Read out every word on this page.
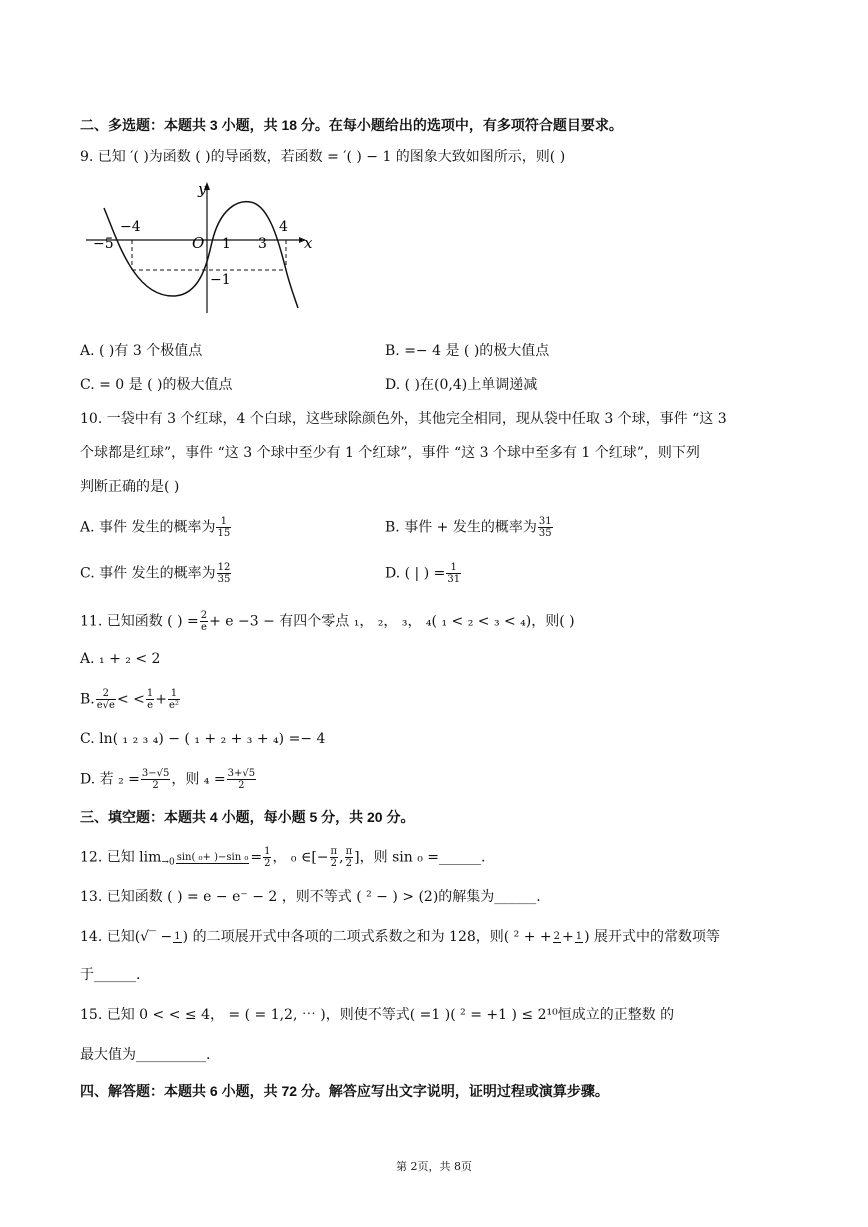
二、多选题：本题共 3 小题，共 18 分。在每小题给出的选项中，有多项符合题目要求。
9. 已知 ′( )为函数 ( )的导函数，若函数 = ′( ) − 1 的图象大致如图所示，则( )
y
x
O
−5
−4
1 3
4
−1
A. ( )有 3 个极值点	B. =− 4 是 ( )的极大值点
C. = 0 是 ( )的极大值点	D. ( )在(0,4)上单调递减
10. 一袋中有 3 个红球，4 个白球，这些球除颜色外，其他完全相同，现从袋中任取 3 个球，事件 “这 3
个球都是红球”，事件 “这 3 个球中至少有 1 个红球”，事件 “这 3 个球中至多有 1 个红球”，则下列
判断正确的是( )
A. 事件 发生的概率为 $\frac{1}{15}$	B. 事件 + 发生的概率为 $\frac{31}{35}$
C. 事件 发生的概率为 $\frac{12}{35}$	D. ( | ) = $\frac{1}{31}$
11. 已知函数 ( ) = $\frac{2}{e} + e -3$ − 有四个零点 ₁， ₂， ₃， ₄( ₁ < ₂ < ₃ < ₄)，则( )
A. ₁ + ₂ < 2
B. $\frac{2}{e√e}$ < < $\frac{1}{e} + \frac{1}{\text{e²}}$
C. ln( ₁ ₂ ₃ ₄) − ( ₁ + ₂ + ₃ + ₄) =− 4
D. 若 $_2 = \frac{3-√5}{2}$ ，则 $_4 = \frac{3+√5}{2}$
三、填空题：本题共 4 小题，每小题 5 分，共 20 分。
12. 已知 $\lim_{\to 0} \sin$( ₀+ )−sin $_0 = \frac{1}{2}$ ， ₀ ∈[− $\frac{\pi}{2}$ , $\frac{\pi}{2}$ ]，则 sin ₀ =______.
13. 已知函数 ( ) = e − e⁻ − 2 ，则不等式 ( ² − ) > (2)的解集为______.
14. 已知(√‾ − 1 ) 的二项展开式中各项的二项式系数之和为 128，则( ² + + 2 + 1 ) 展开式中的常数项等
于______.
15. 已知 0 < < ≤ 4， = ( = 1,2, ⋯ )，则使不等式( =1 )( ² = +1 ) ≤ 2¹⁰恒成立的正整数 的
最大值为__________.
四、解答题：本题共 6 小题，共 72 分。解答应写出文字说明，证明过程或演算步骤。
第 2页，共 8页
